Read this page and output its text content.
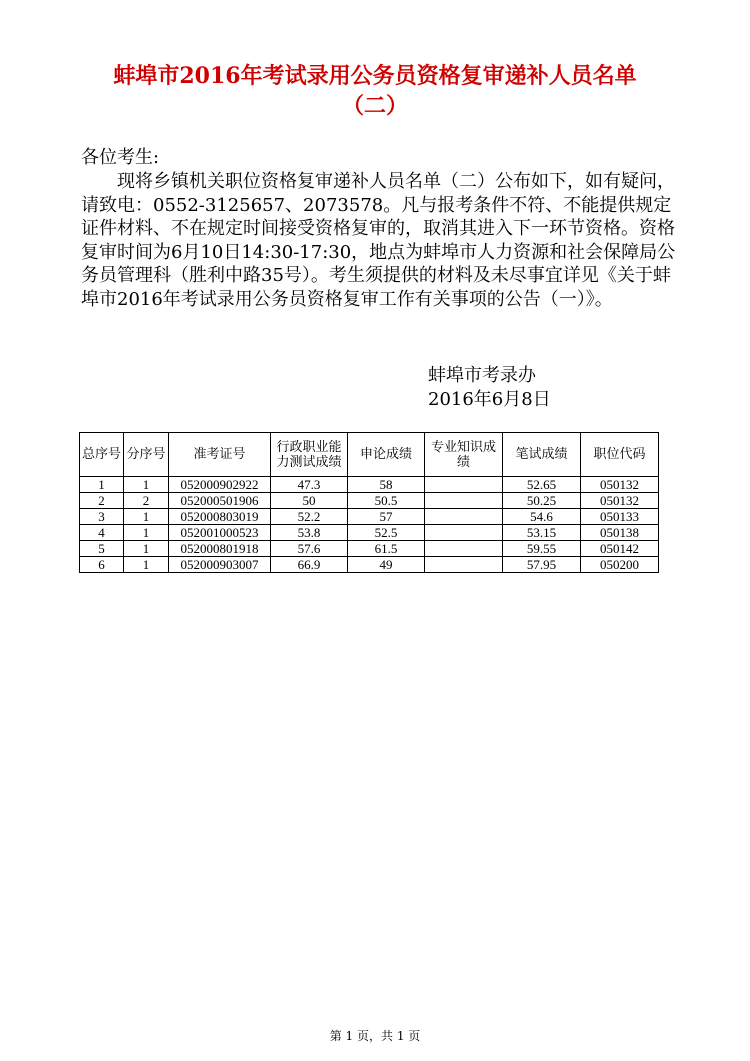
蚌埠市2016年考试录用公务员资格复审递补人员名单
（二）
各位考生:

现将乡镇机关职位资格复审递补人员名单（二）公布如下，如有疑问，请致电：0552-3125657、2073578。凡与报考条件不符、不能提供规定证件材料、不在规定时间接受资格复审的，取消其进入下一环节资格。资格复审时间为6月10日14:30-17:30，地点为蚌埠市人力资源和社会保障局公务员管理科（胜利中路35号）。考生须提供的材料及未尽事宜详见《关于蚌埠市2016年考试录用公务员资格复审工作有关事项的公告（一）》。

蚌埠市考录办
2016年6月8日
总序号	分序号	准考证号	行政职业能力测试成绩	申论成绩	专业知识成绩	笔试成绩	职位代码
1	1	052000902922	47.3	58		52.65	050132
2	2	052000501906	50	50.5		50.25	050132
3	1	052000803019	52.2	57		54.6	050133
4	1	052001000523	53.8	52.5		53.15	050138
5	1	052000801918	57.6	61.5		59.55	050142
6	1	052000903007	66.9	49		57.95	050200
第 1 页，共 1 页
